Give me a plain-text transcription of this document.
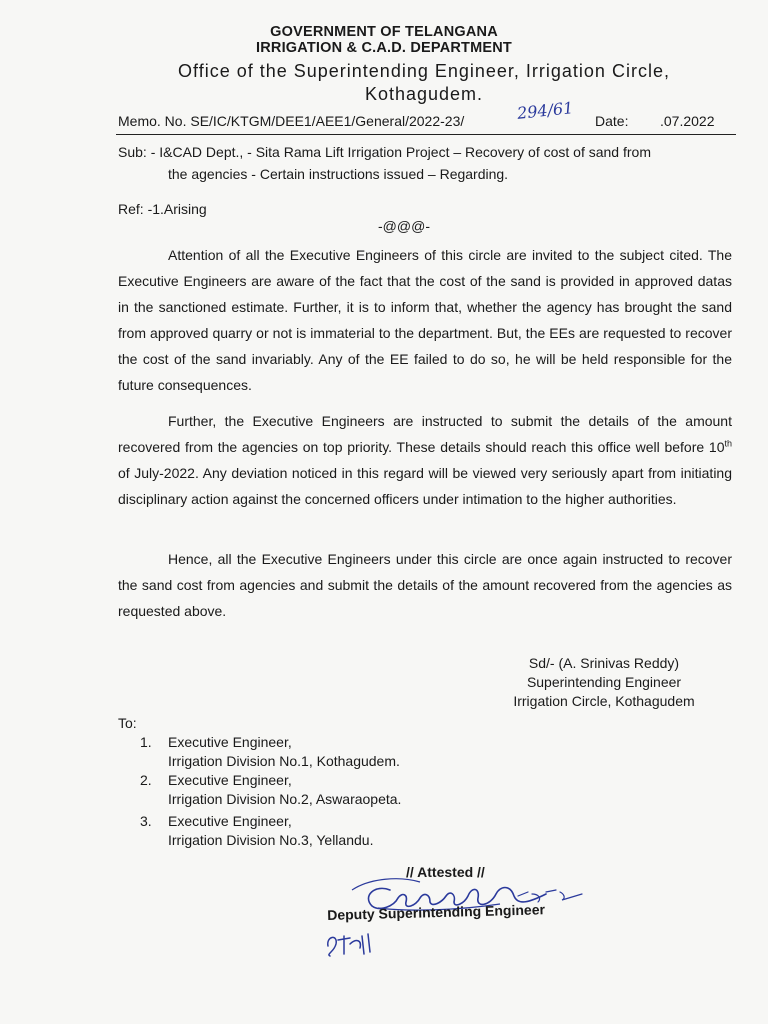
GOVERNMENT OF TELANGANA
IRRIGATION & C.A.D. DEPARTMENT
Office of the Superintending Engineer, Irrigation Circle,
Kothagudem.
Memo. No. SE/IC/KTGM/DEE1/AEE1/General/2022-23/	294/61 Date: .07.2022
Sub: - I&CAD Dept., - Sita Rama Lift Irrigation Project – Recovery of cost of sand from
the agencies - Certain instructions issued – Regarding.
Ref: -1.Arising
-@@@-
Attention of all the Executive Engineers of this circle are invited to the subject cited. The Executive Engineers are aware of the fact that the cost of the sand is provided in approved datas in the sanctioned estimate. Further, it is to inform that, whether the agency has brought the sand from approved quarry or not is immaterial to the department. But, the EEs are requested to recover the cost of the sand invariably. Any of the EE failed to do so, he will be held responsible for the future consequences.
Further, the Executive Engineers are instructed to submit the details of the amount recovered from the agencies on top priority. These details should reach this office well before 10th of July-2022. Any deviation noticed in this regard will be viewed very seriously apart from initiating disciplinary action against the concerned officers under intimation to the higher authorities.
Hence, all the Executive Engineers under this circle are once again instructed to recover the sand cost from agencies and submit the details of the amount recovered from the agencies as requested above.
Sd/- (A. Srinivas Reddy)
Superintending Engineer
Irrigation Circle, Kothagudem
To:
1. Executive Engineer,
Irrigation Division No.1, Kothagudem.
2. Executive Engineer,
Irrigation Division No.2, Aswaraopeta.
3. Executive Engineer,
Irrigation Division No.3, Yellandu.
// Attested //
Deputy Superintending Engineer
